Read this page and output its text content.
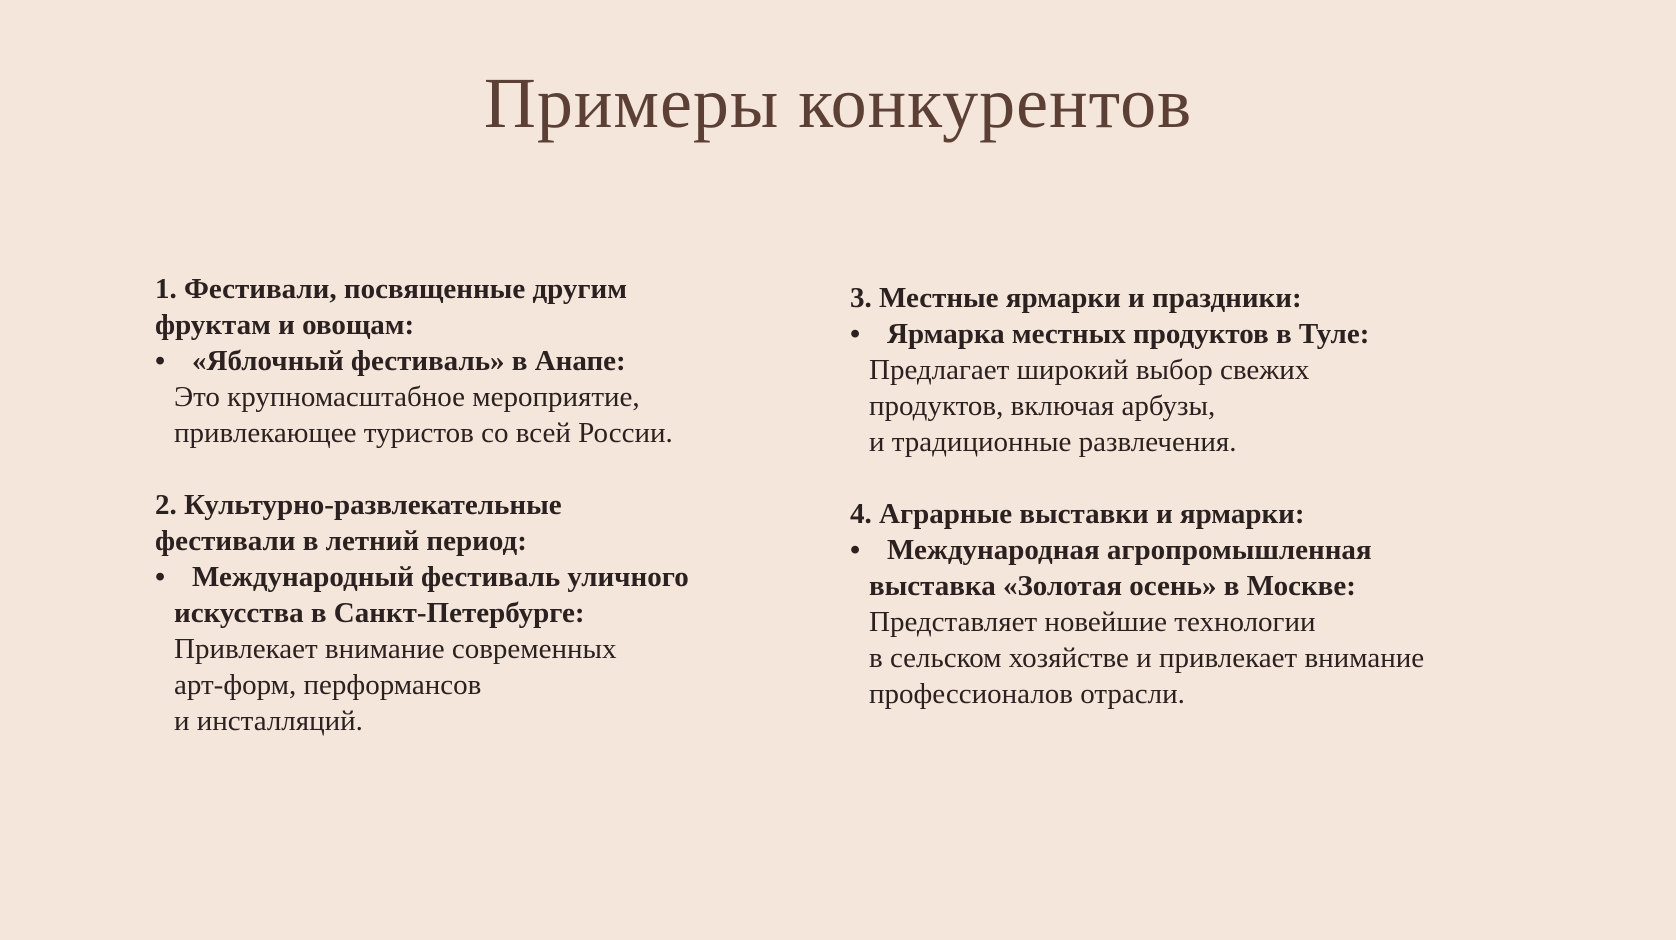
Примеры конкурентов
1. Фестивали, посвященные другим
фруктам и овощам:
• «Яблочный фестиваль» в Анапе:
Это крупномасштабное мероприятие,
привлекающее туристов со всей России.
2. Культурно-развлекательные
фестивали в летний период:
• Международный фестиваль уличного
искусства в Санкт-Петербурге:
Привлекает внимание современных
арт-форм, перформансов
и инсталляций.
3. Местные ярмарки и праздники:
• Ярмарка местных продуктов в Туле:
Предлагает широкий выбор свежих
продуктов, включая арбузы,
и традиционные развлечения.
4. Аграрные выставки и ярмарки:
• Международная агропромышленная
выставка «Золотая осень» в Москве:
Представляет новейшие технологии
в сельском хозяйстве и привлекает внимание
профессионалов отрасли.
